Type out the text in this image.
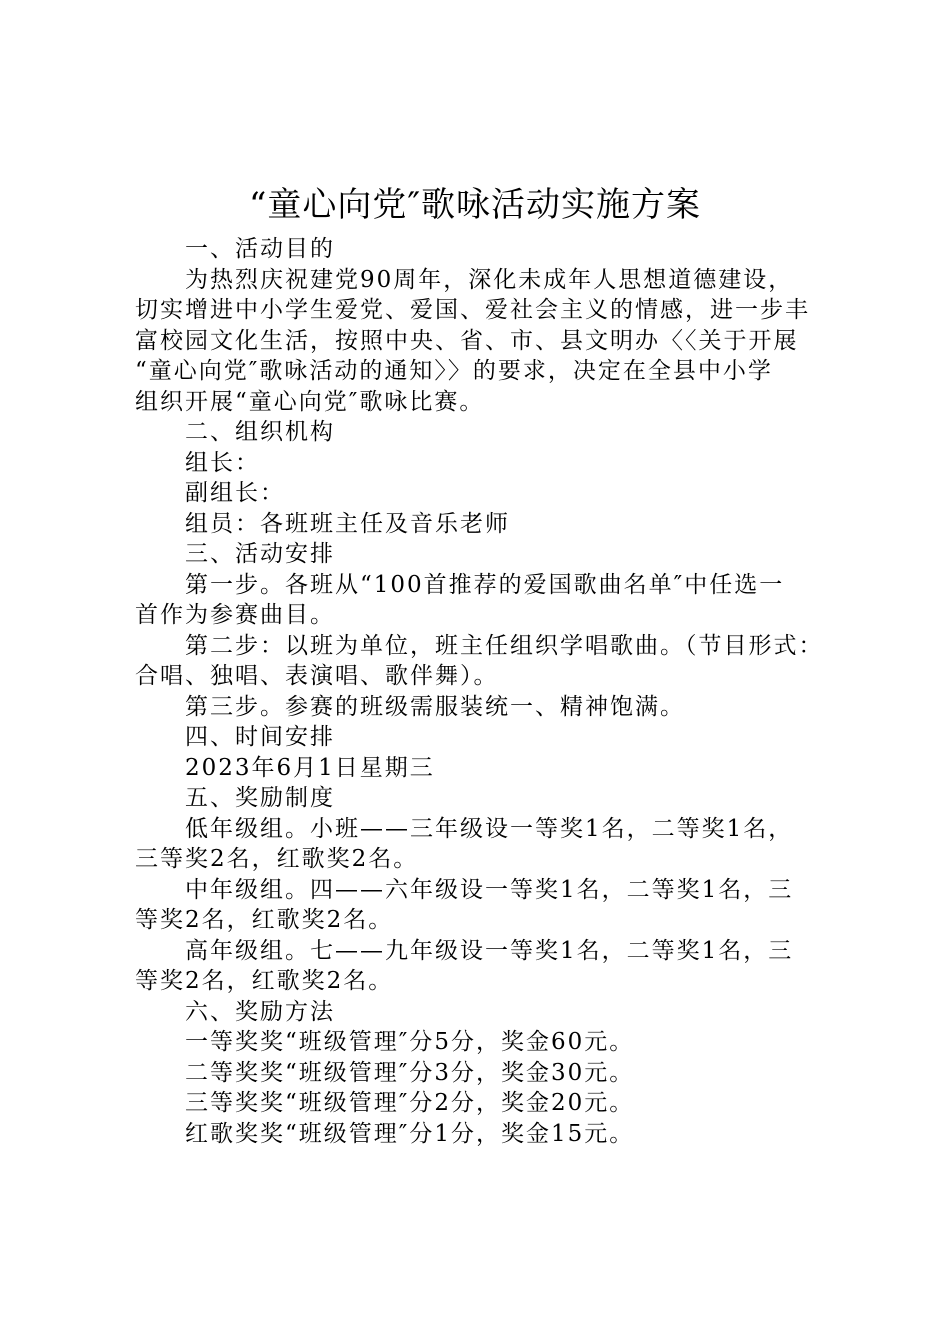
“童心向党″歌咏活动实施方案

一、活动目的

为热烈庆祝建党90周年，深化未成年人思想道德建设，

切实增进中小学生爱党、爱国、爱社会主义的情感，进一步丰

富校园文化生活，按照中央、省、市、县文明办〈〈关于开展

“童心向党″歌咏活动的通知〉〉的要求，决定在全县中小学

组织开展“童心向党″歌咏比赛。

二、组织机构

组长：

副组长：

组员：各班班主任及音乐老师

三、活动安排

第一步。各班从“100首推荐的爱国歌曲名单″中任选一

首作为参赛曲目。

第二步：以班为单位，班主任组织学唱歌曲。（节目形式：

合唱、独唱、表演唱、歌伴舞）。

第三步。参赛的班级需服装统一、精神饱满。

四、时间安排

2023年6月1日星期三

五、奖励制度

低年级组。小班——三年级设一等奖1名，二等奖1名，

三等奖2名，红歌奖2名。

中年级组。四——六年级设一等奖1名，二等奖1名，三

等奖2名，红歌奖2名。

高年级组。七——九年级设一等奖1名，二等奖1名，三

等奖2名，红歌奖2名。

六、奖励方法

一等奖奖“班级管理″分5分，奖金60元。

二等奖奖“班级管理″分3分，奖金30元。

三等奖奖“班级管理″分2分，奖金20元。

红歌奖奖“班级管理″分1分，奖金15元。
